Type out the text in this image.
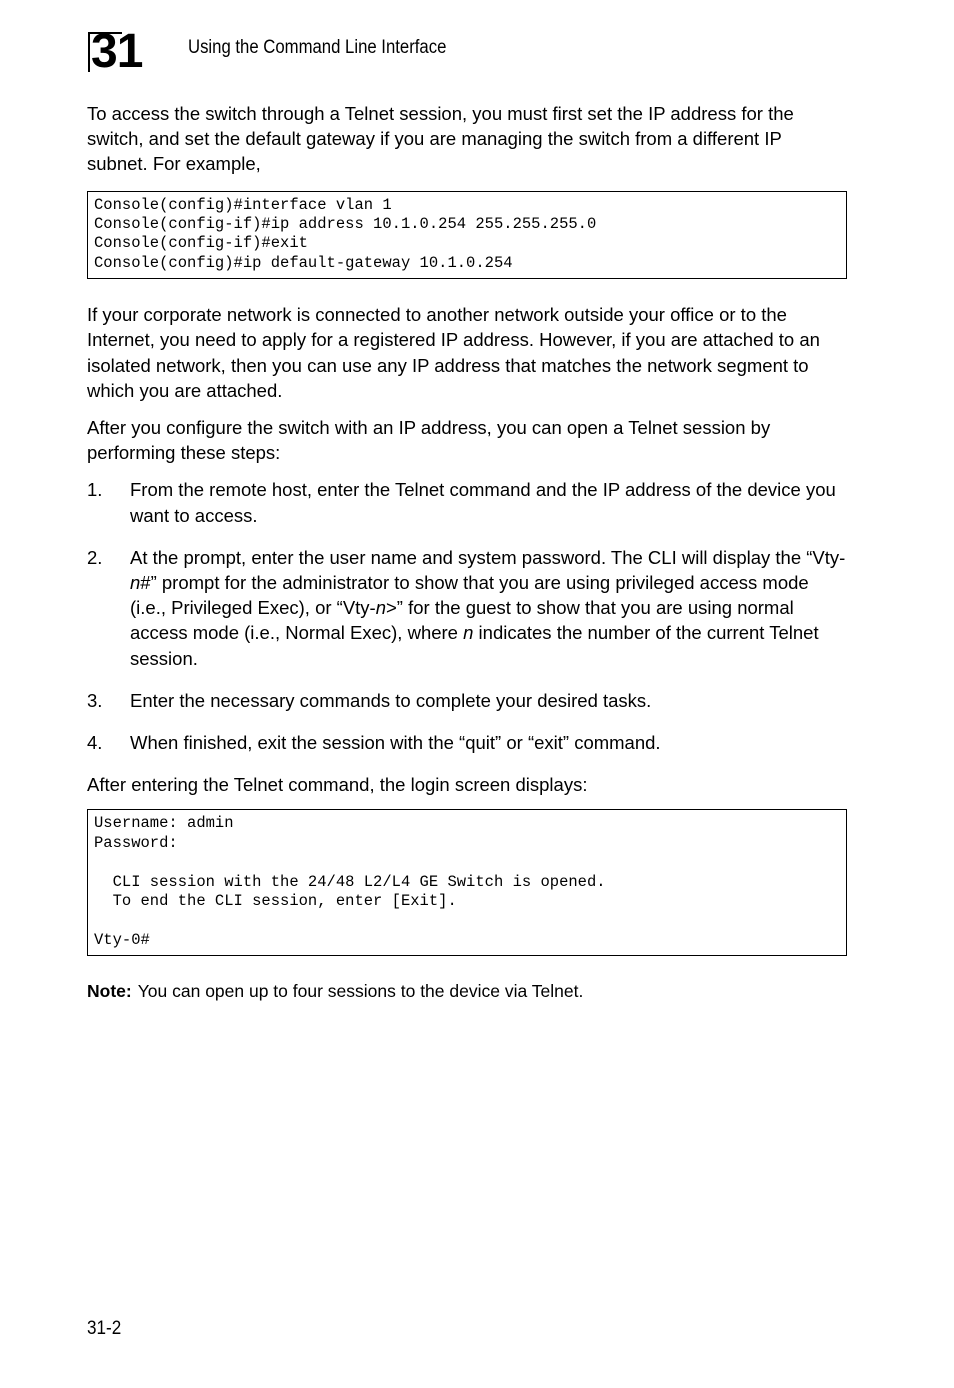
31 Using the Command Line Interface

To access the switch through a Telnet session, you must first set the IP address for the switch, and set the default gateway if you are managing the switch from a different IP subnet. For example,

Console(config)#interface vlan 1
Console(config-if)#ip address 10.1.0.254 255.255.255.0
Console(config-if)#exit
Console(config)#ip default-gateway 10.1.0.254

If your corporate network is connected to another network outside your office or to the Internet, you need to apply for a registered IP address. However, if you are attached to an isolated network, then you can use any IP address that matches the network segment to which you are attached.

After you configure the switch with an IP address, you can open a Telnet session by performing these steps:

1. From the remote host, enter the Telnet command and the IP address of the device you want to access.
2. At the prompt, enter the user name and system password. The CLI will display the “Vty-n#” prompt for the administrator to show that you are using privileged access mode (i.e., Privileged Exec), or “Vty-n>” for the guest to show that you are using normal access mode (i.e., Normal Exec), where n indicates the number of the current Telnet session.
3. Enter the necessary commands to complete your desired tasks.
4. When finished, exit the session with the “quit” or “exit” command.

After entering the Telnet command, the login screen displays:

Username: admin
Password:
CLI session with the 24/48 L2/L4 GE Switch is opened.
To end the CLI session, enter [Exit].
Vty-0#

Note: You can open up to four sessions to the device via Telnet.

31-2
